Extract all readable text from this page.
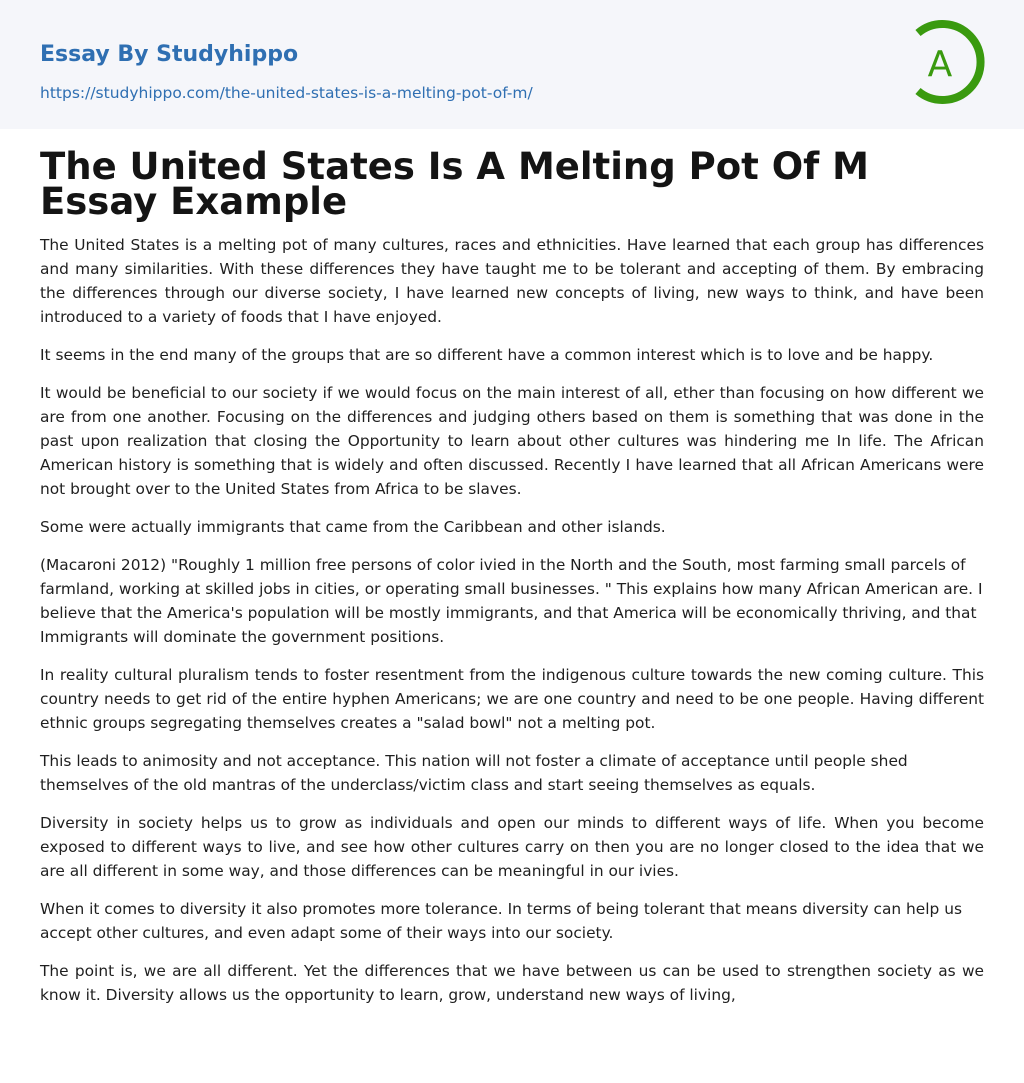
Essay By Studyhippo
https://studyhippo.com/the-united-states-is-a-melting-pot-of-m/
A
The United States Is A Melting Pot Of M Essay Example

The United States is a melting pot of many cultures, races and ethnicities. Have learned that each group has differences and many similarities. With these differences they have taught me to be tolerant and accepting of them. By embracing the differences through our diverse society, I have learned new concepts of living, new ways to think, and have been introduced to a variety of foods that I have enjoyed.

It seems in the end many of the groups that are so different have a common interest which is to love and be happy.

It would be beneficial to our society if we would focus on the main interest of all, ether than focusing on how different we are from one another. Focusing on the differences and judging others based on them is something that was done in the past upon realization that closing the Opportunity to learn about other cultures was hindering me In life. The African American history is something that is widely and often discussed. Recently I have learned that all African Americans were not brought over to the United States from Africa to be slaves.

Some were actually immigrants that came from the Caribbean and other islands.

(Macaroni 2012) "Roughly 1 million free persons of color ivied in the North and the South, most farming small parcels of farmland, working at skilled jobs in cities, or operating small businesses. " This explains how many African American are. I believe that the America's population will be mostly immigrants, and that America will be economically thriving, and that Immigrants will dominate the government positions.

In reality cultural pluralism tends to foster resentment from the indigenous culture towards the new coming culture. This country needs to get rid of the entire hyphen Americans; we are one country and need to be one people. Having different ethnic groups segregating themselves creates a "salad bowl" not a melting pot.

This leads to animosity and not acceptance. This nation will not foster a climate of acceptance until people shed themselves of the old mantras of the underclass/victim class and start seeing themselves as equals.

Diversity in society helps us to grow as individuals and open our minds to different ways of life. When you become exposed to different ways to live, and see how other cultures carry on then you are no longer closed to the idea that we are all different in some way, and those differences can be meaningful in our ivies.

When it comes to diversity it also promotes more tolerance. In terms of being tolerant that means diversity can help us accept other cultures, and even adapt some of their ways into our society.

The point is, we are all different. Yet the differences that we have between us can be used to strengthen society as we know it. Diversity allows us the opportunity to learn, grow, understand new ways of living,
